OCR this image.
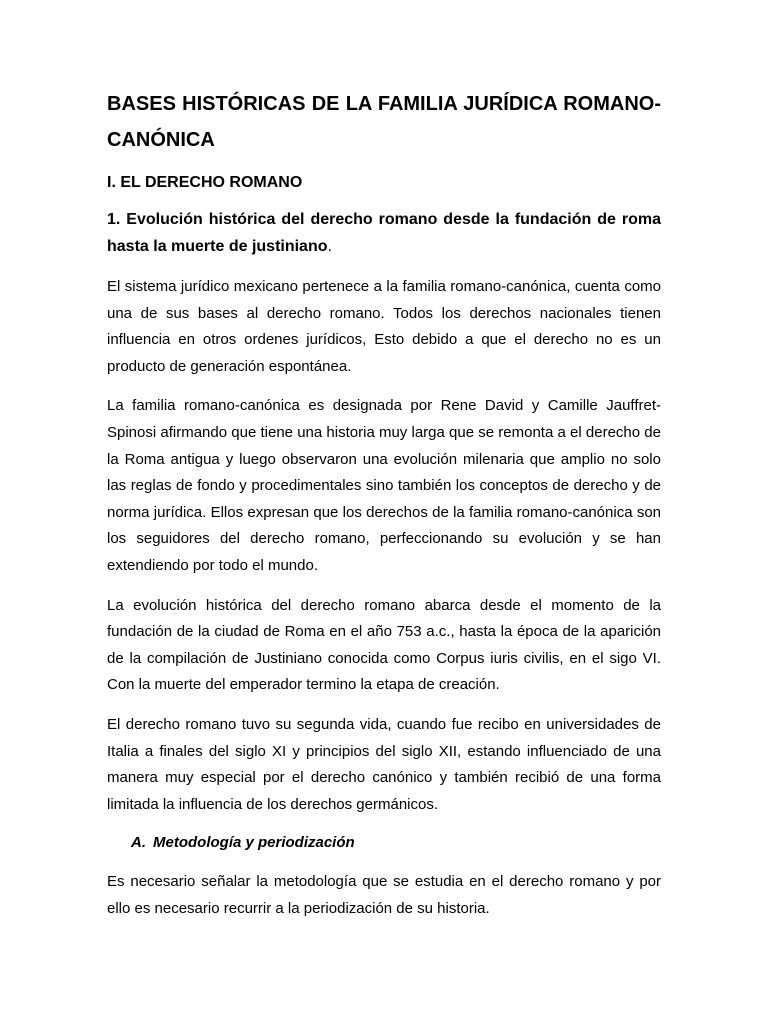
BASES HISTÓRICAS DE LA FAMILIA JURÍDICA ROMANO-CANÓNICA
I. EL DERECHO ROMANO
1. Evolución histórica del derecho romano desde la fundación de roma hasta la muerte de justiniano.

El sistema jurídico mexicano pertenece a la familia romano-canónica, cuenta como una de sus bases al derecho romano. Todos los derechos nacionales tienen influencia en otros ordenes jurídicos, Esto debido a que el derecho no es un producto de generación espontánea.

La familia romano-canónica es designada por Rene David y Camille Jauffret-Spinosi afirmando que tiene una historia muy larga que se remonta a el derecho de la Roma antigua y luego observaron una evolución milenaria que amplio no solo las reglas de fondo y procedimentales sino también los conceptos de derecho y de norma jurídica. Ellos expresan que los derechos de la familia romano-canónica son los seguidores del derecho romano, perfeccionando su evolución y se han extendiendo por todo el mundo.

La evolución histórica del derecho romano abarca desde el momento de la fundación de la ciudad de Roma en el año 753 a.c., hasta la época de la aparición de la compilación de Justiniano conocida como Corpus iuris civilis, en el sigo VI. Con la muerte del emperador termino la etapa de creación.

El derecho romano tuvo su segunda vida, cuando fue recibo en universidades de Italia a finales del siglo XI y principios del siglo XII, estando influenciado de una manera muy especial por el derecho canónico y también recibió de una forma limitada la influencia de los derechos germánicos.

A. Metodología y periodización

Es necesario señalar la metodología que se estudia en el derecho romano y por ello es necesario recurrir a la periodización de su historia.
